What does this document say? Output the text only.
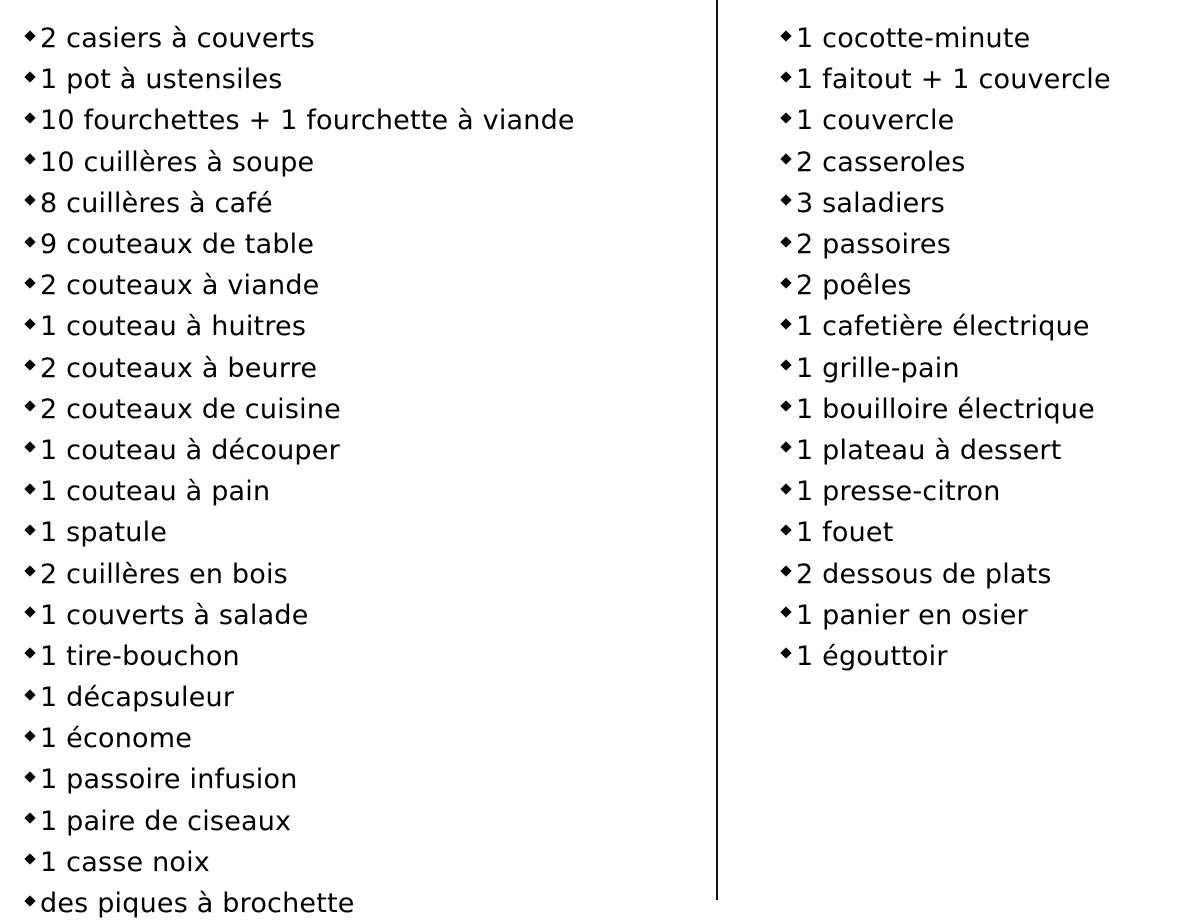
2 casiers à couverts
1 pot à ustensiles
10 fourchettes + 1 fourchette à viande
10 cuillères à soupe
8 cuillères à café
9 couteaux de table
2 couteaux à viande
1 couteau à huitres
2 couteaux à beurre
2 couteaux de cuisine
1 couteau à découper
1 couteau à pain
1 spatule
2 cuillères en bois
1 couverts à salade
1 tire-bouchon
1 décapsuleur
1 économe
1 passoire infusion
1 paire de ciseaux
1 casse noix
des piques à brochette
1 cocotte-minute
1 faitout + 1 couvercle
1 couvercle
2 casseroles
3 saladiers
2 passoires
2 poêles
1 cafetière électrique
1 grille-pain
1 bouilloire électrique
1 plateau à dessert
1 presse-citron
1 fouet
2 dessous de plats
1 panier en osier
1 égouttoir
